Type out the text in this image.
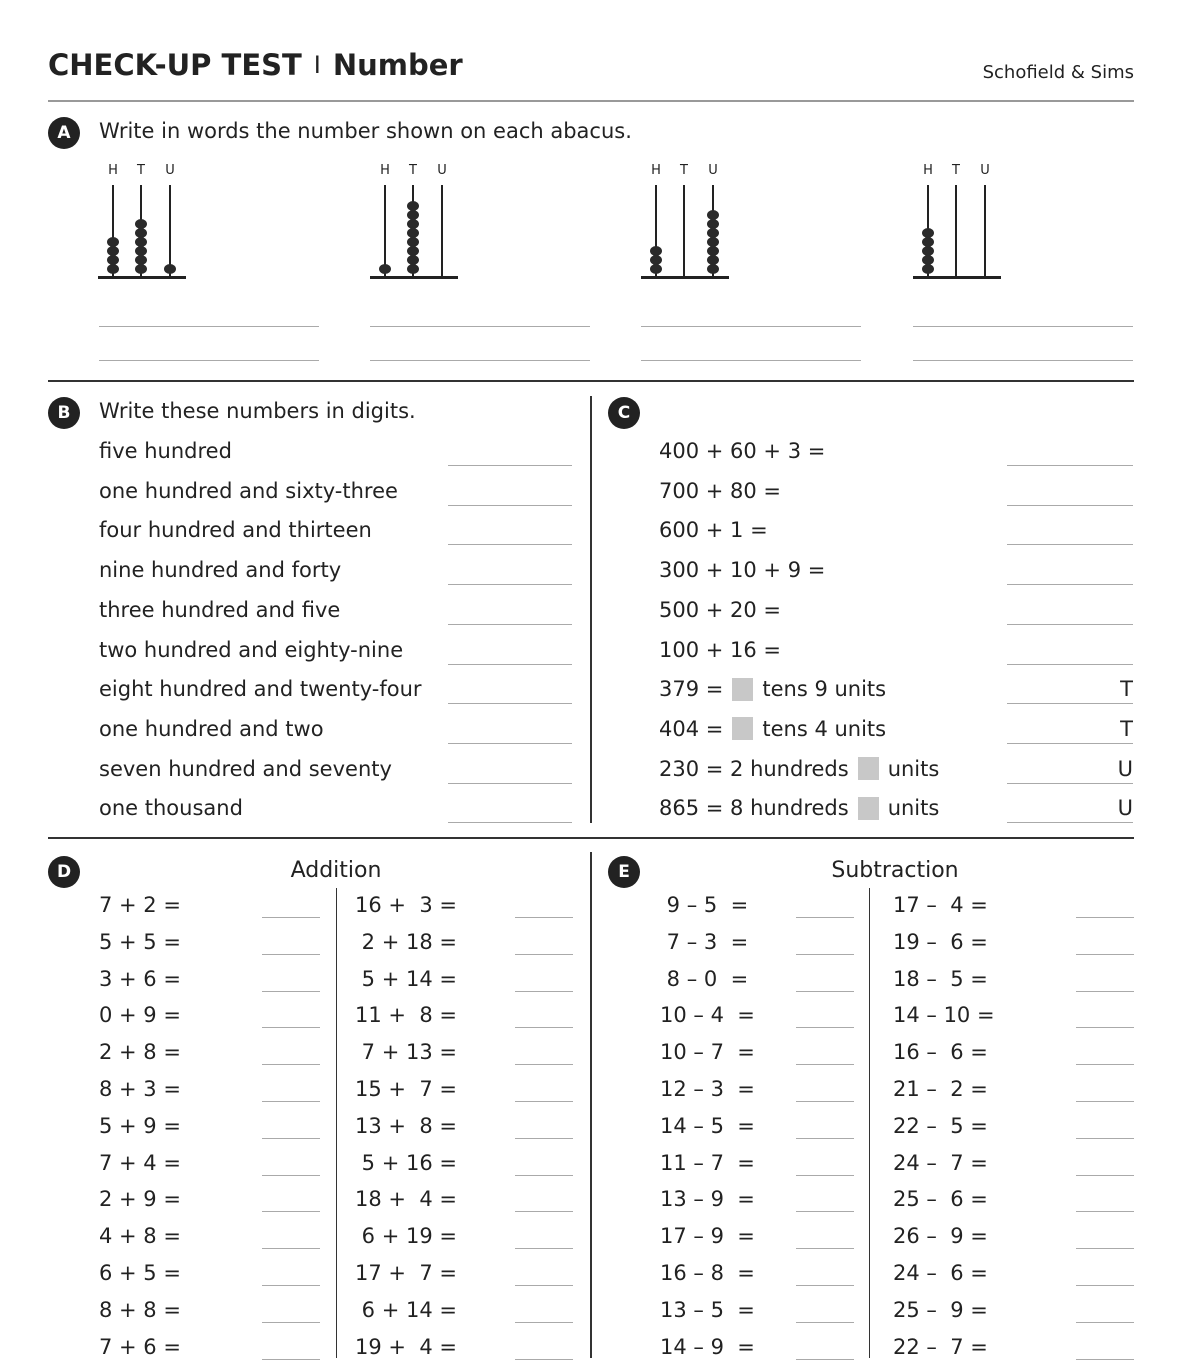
CHECK-UP TEST I Number	Schofield & Sims
A	Write in words the number shown on each abacus.
H T U	H T U	H T U	H T U
B	Write these numbers in digits.	C
five hundred
one hundred and sixty-three
four hundred and thirteen
nine hundred and forty
three hundred and five
two hundred and eighty-nine
eight hundred and twenty-four
one hundred and two
seven hundred and seventy
one thousand
400 + 60 + 3 =
700 + 80 =
600 + 1 =
300 + 10 + 9 =
500 + 20 =
100 + 16 =
379 = tens 9 units	T
404 = tens 4 units	T
230 = 2 hundreds units	U
865 = 8 hundreds units	U
D	Addition	E	Subtraction
7 + 2 =
5 + 5 =
3 + 6 =
0 + 9 =
2 + 8 =
8 + 3 =
5 + 9 =
7 + 4 =
2 + 9 =
4 + 8 =
6 + 5 =
8 + 8 =
7 + 6 =
16 +  3 =
2 + 18 =
5 + 14 =
11 +  8 =
7 + 13 =
15 +  7 =
13 +  8 =
5 + 16 =
18 +  4 =
6 + 19 =
17 +  7 =
6 + 14 =
19 +  4 =
9 – 5  =
7 – 3  =
8 – 0  =
10 – 4  =
10 – 7  =
12 – 3  =
14 – 5  =
11 – 7  =
13 – 9  =
17 – 9  =
16 – 8  =
13 – 5  =
14 – 9  =
17 –  4 =
19 –  6 =
18 –  5 =
14 – 10 =
16 –  6 =
21 –  2 =
22 –  5 =
24 –  7 =
25 –  6 =
26 –  9 =
24 –  6 =
25 –  9 =
22 –  7 =
